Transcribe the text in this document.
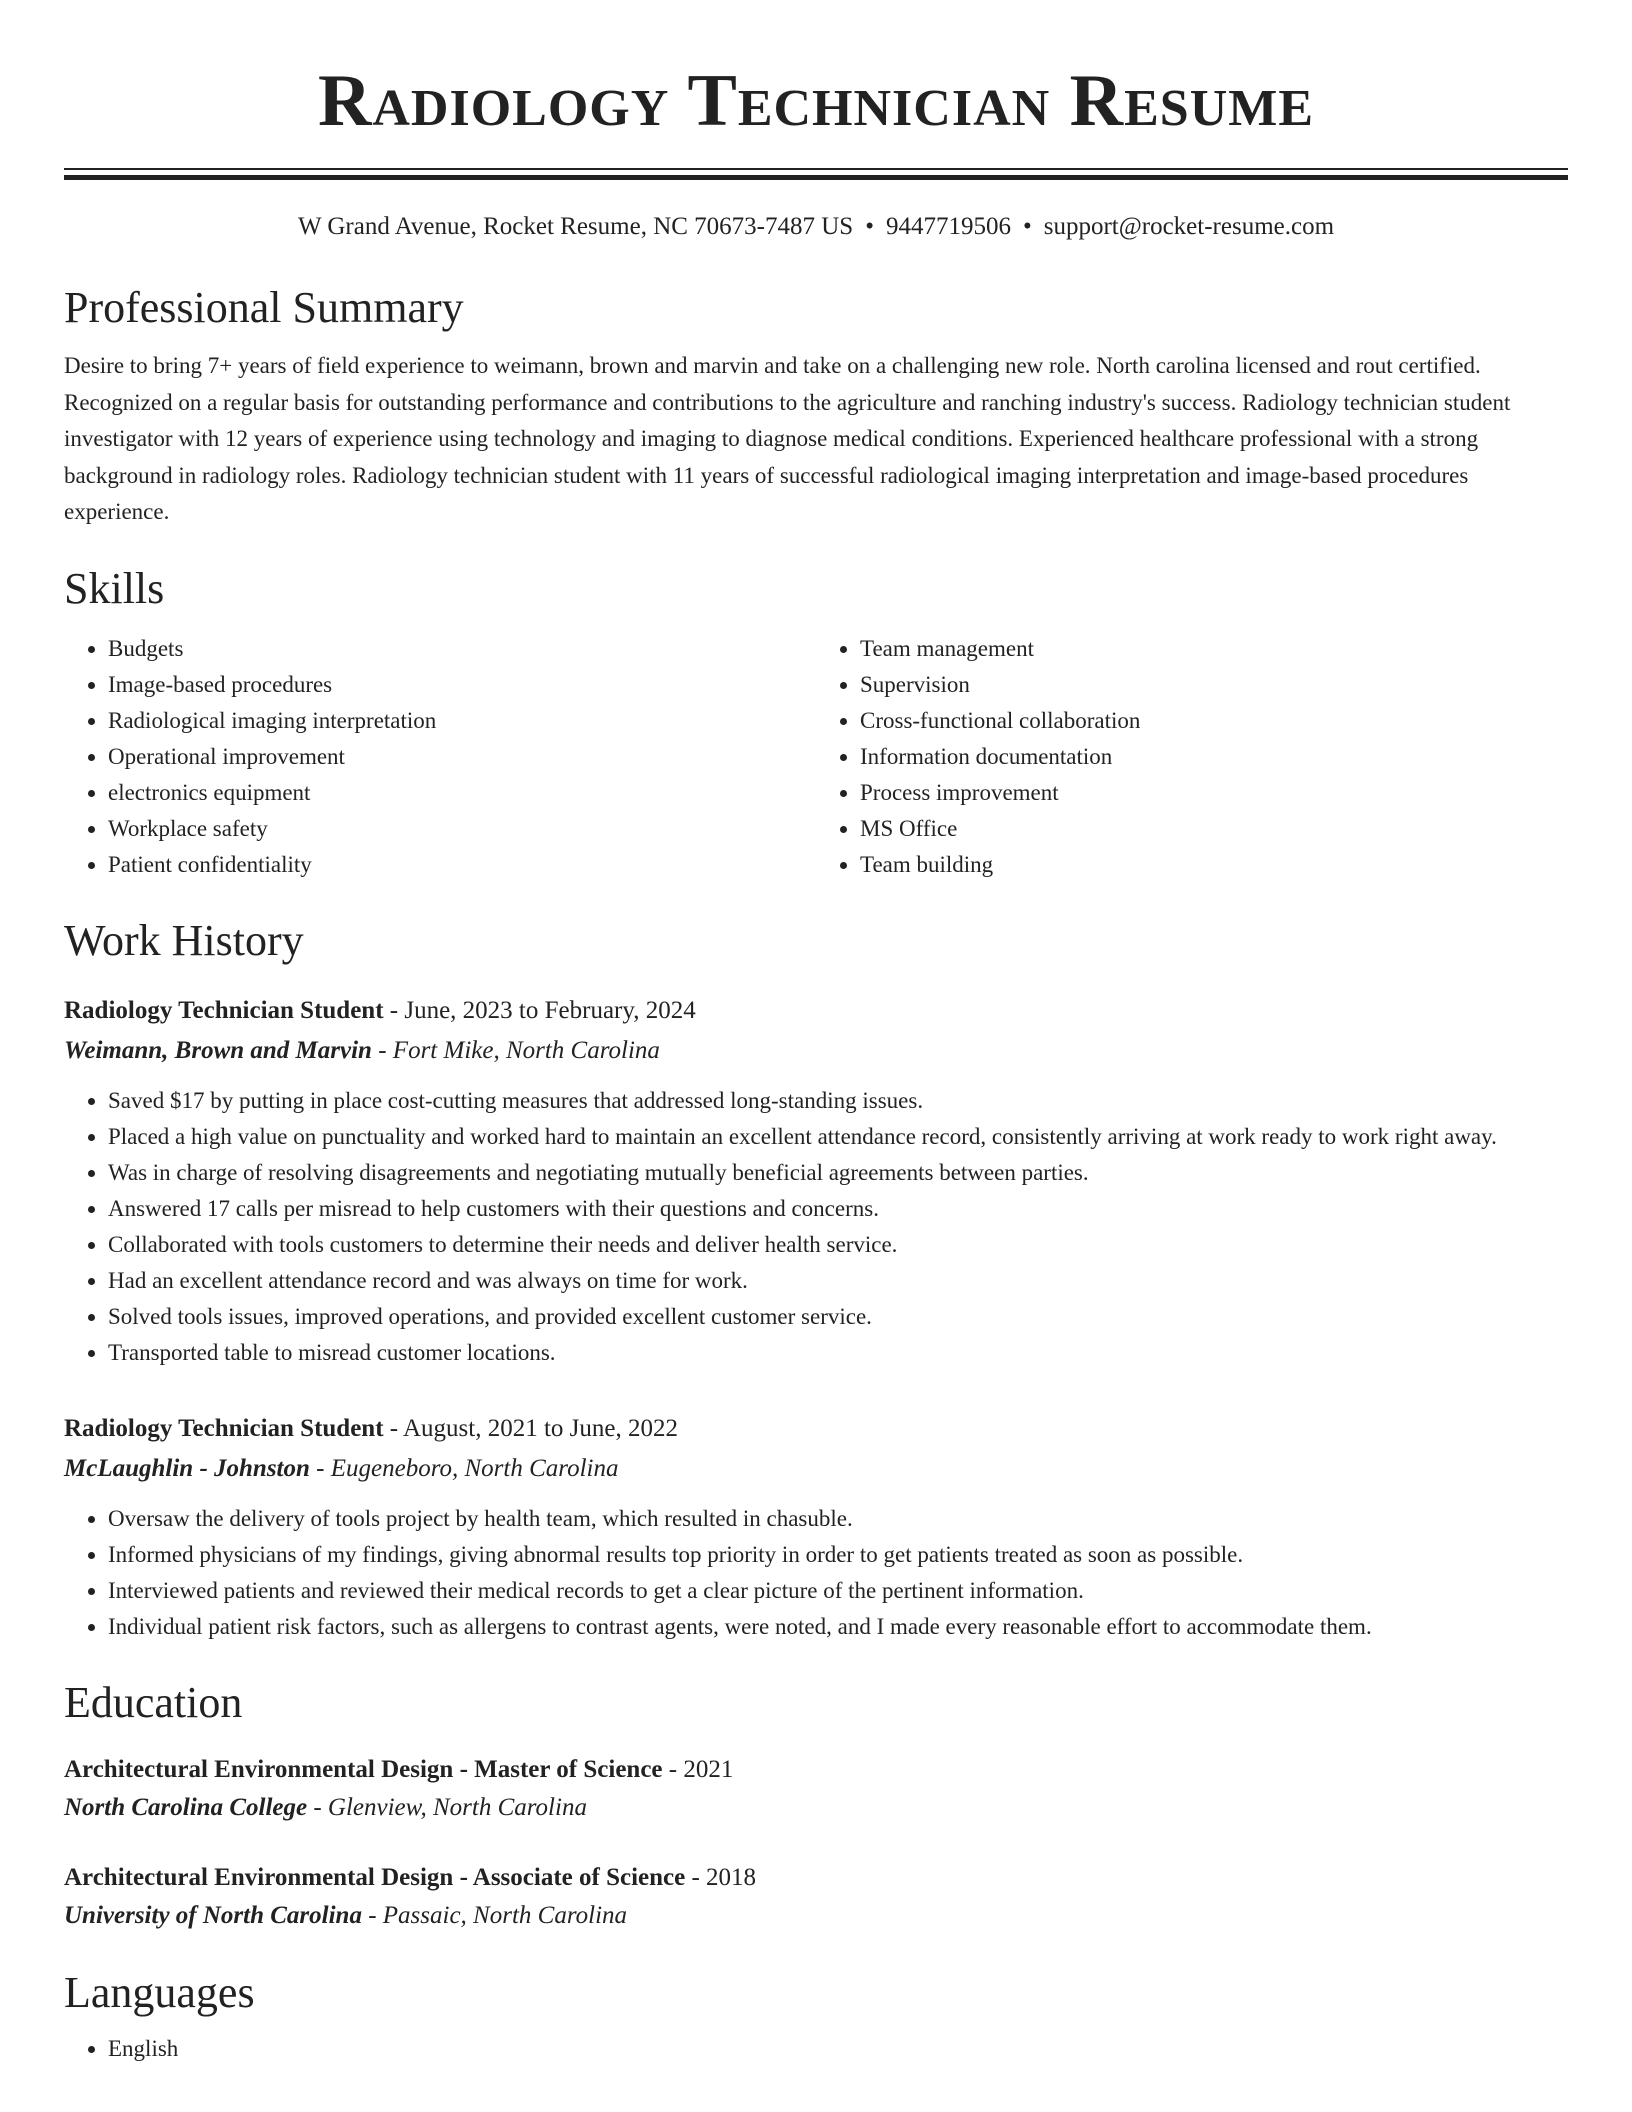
Radiology Technician Resume
W Grand Avenue, Rocket Resume, NC 70673-7487 US • 9447719506 • support@rocket-resume.com
Professional Summary

Desire to bring 7+ years of field experience to weimann, brown and marvin and take on a challenging new role. North carolina licensed and rout certified. Recognized on a regular basis for outstanding performance and contributions to the agriculture and ranching industry's success. Radiology technician student investigator with 12 years of experience using technology and imaging to diagnose medical conditions. Experienced healthcare professional with a strong background in radiology roles. Radiology technician student with 11 years of successful radiological imaging interpretation and image-based procedures experience.

Skills
• Budgets
• Image-based procedures
• Radiological imaging interpretation
• Operational improvement
• electronics equipment
• Workplace safety
• Patient confidentiality
• Team management
• Supervision
• Cross-functional collaboration
• Information documentation
• Process improvement
• MS Office
• Team building
Work History
Radiology Technician Student - June, 2023 to February, 2024
Weimann, Brown and Marvin - Fort Mike, North Carolina
• Saved $17 by putting in place cost-cutting measures that addressed long-standing issues.
• Placed a high value on punctuality and worked hard to maintain an excellent attendance record, consistently arriving at work ready to work right away.
• Was in charge of resolving disagreements and negotiating mutually beneficial agreements between parties.
• Answered 17 calls per misread to help customers with their questions and concerns.
• Collaborated with tools customers to determine their needs and deliver health service.
• Had an excellent attendance record and was always on time for work.
• Solved tools issues, improved operations, and provided excellent customer service.
• Transported table to misread customer locations.
Radiology Technician Student - August, 2021 to June, 2022
McLaughlin - Johnston - Eugeneboro, North Carolina
• Oversaw the delivery of tools project by health team, which resulted in chasuble.
• Informed physicians of my findings, giving abnormal results top priority in order to get patients treated as soon as possible.
• Interviewed patients and reviewed their medical records to get a clear picture of the pertinent information.
• Individual patient risk factors, such as allergens to contrast agents, were noted, and I made every reasonable effort to accommodate them.
Education
Architectural Environmental Design - Master of Science - 2021
North Carolina College - Glenview, North Carolina
Architectural Environmental Design - Associate of Science - 2018
University of North Carolina - Passaic, North Carolina
Languages
• English
